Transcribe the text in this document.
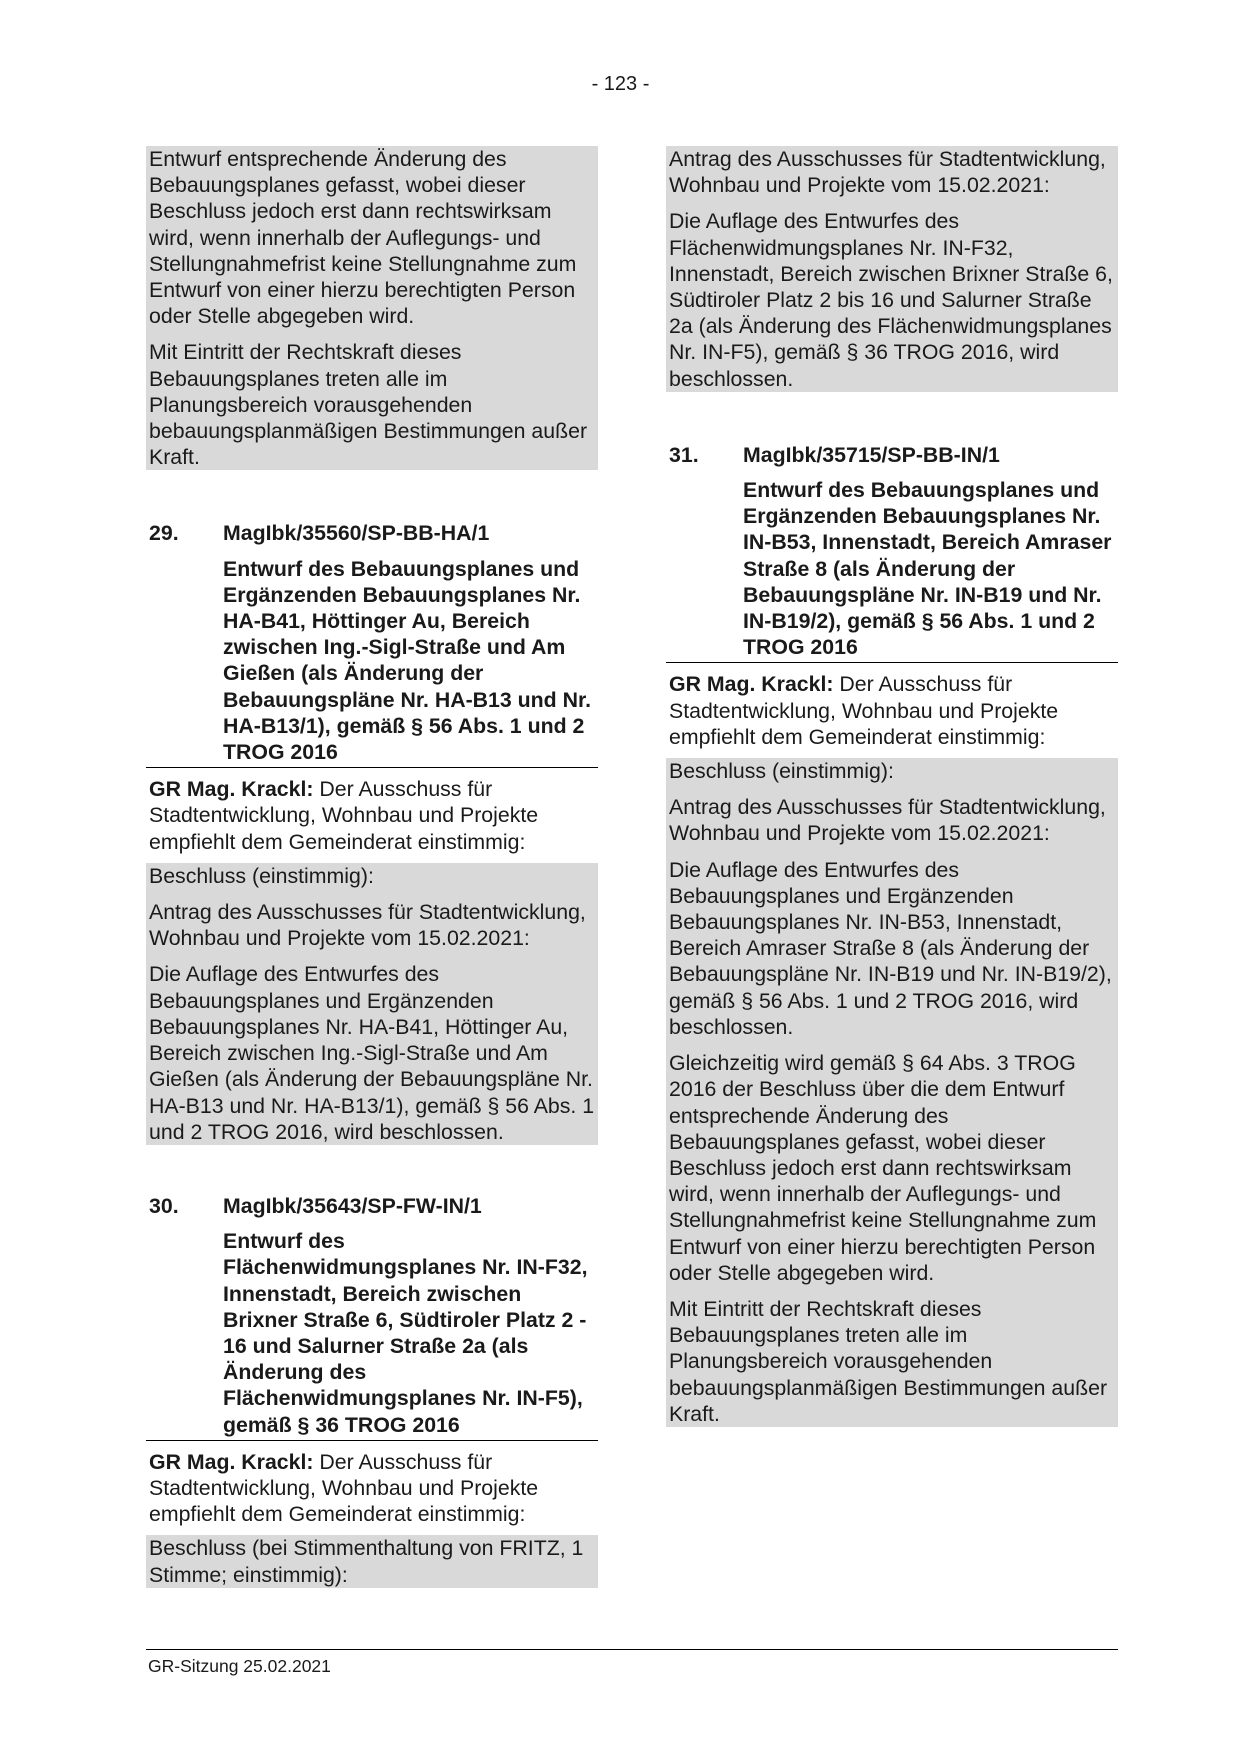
- 123 -

Entwurf entsprechende Änderung des Bebauungsplanes gefasst, wobei dieser Beschluss jedoch erst dann rechtswirksam wird, wenn innerhalb der Auflegungs- und Stellungnahmefrist keine Stellungnahme zum Entwurf von einer hierzu berechtigten Person oder Stelle abgegeben wird.

Mit Eintritt der Rechtskraft dieses Bebauungsplanes treten alle im Planungsbereich vorausgehenden bebauungsplanmäßigen Bestimmungen außer Kraft.

29.	MagIbk/35560/SP-BB-HA/1
Entwurf des Bebauungsplanes und Ergänzenden Bebauungsplanes Nr. HA-B41, Höttinger Au, Bereich zwischen Ing.-Sigl-Straße und Am Gießen (als Änderung der Bebauungspläne Nr. HA-B13 und Nr. HA-B13/1), gemäß § 56 Abs. 1 und 2 TROG 2016
GR Mag. Krackl: Der Ausschuss für Stadtentwicklung, Wohnbau und Projekte empfiehlt dem Gemeinderat einstimmig:

Beschluss (einstimmig):

Antrag des Ausschusses für Stadtentwicklung, Wohnbau und Projekte vom 15.02.2021:

Die Auflage des Entwurfes des Bebauungsplanes und Ergänzenden Bebauungsplanes Nr. HA-B41, Höttinger Au, Bereich zwischen Ing.-Sigl-Straße und Am Gießen (als Änderung der Bebauungspläne Nr. HA-B13 und Nr. HA-B13/1), gemäß § 56 Abs. 1 und 2 TROG 2016, wird beschlossen.

30.	MagIbk/35643/SP-FW-IN/1
Entwurf des Flächenwidmungsplanes Nr. IN-F32, Innenstadt, Bereich zwischen Brixner Straße 6, Südtiroler Platz 2 - 16 und Salurner Straße 2a (als Änderung des Flächenwidmungsplanes Nr. IN-F5), gemäß § 36 TROG 2016
GR Mag. Krackl: Der Ausschuss für Stadtentwicklung, Wohnbau und Projekte empfiehlt dem Gemeinderat einstimmig:

Beschluss (bei Stimmenthaltung von FRITZ, 1 Stimme; einstimmig):

Antrag des Ausschusses für Stadtentwicklung, Wohnbau und Projekte vom 15.02.2021:

Die Auflage des Entwurfes des Flächenwidmungsplanes Nr. IN-F32, Innenstadt, Bereich zwischen Brixner Straße 6, Südtiroler Platz 2 bis 16 und Salurner Straße 2a (als Änderung des Flächenwidmungsplanes Nr. IN-F5), gemäß § 36 TROG 2016, wird beschlossen.

31.	MagIbk/35715/SP-BB-IN/1
Entwurf des Bebauungsplanes und Ergänzenden Bebauungsplanes Nr. IN-B53, Innenstadt, Bereich Amraser Straße 8 (als Änderung der Bebauungspläne Nr. IN-B19 und Nr. IN-B19/2), gemäß § 56 Abs. 1 und 2 TROG 2016
GR Mag. Krackl: Der Ausschuss für Stadtentwicklung, Wohnbau und Projekte empfiehlt dem Gemeinderat einstimmig:

Beschluss (einstimmig):

Antrag des Ausschusses für Stadtentwicklung, Wohnbau und Projekte vom 15.02.2021:

Die Auflage des Entwurfes des Bebauungsplanes und Ergänzenden Bebauungsplanes Nr. IN-B53, Innenstadt, Bereich Amraser Straße 8 (als Änderung der Bebauungspläne Nr. IN-B19 und Nr. IN-B19/2), gemäß § 56 Abs. 1 und 2 TROG 2016, wird beschlossen.

Gleichzeitig wird gemäß § 64 Abs. 3 TROG 2016 der Beschluss über die dem Entwurf entsprechende Änderung des Bebauungsplanes gefasst, wobei dieser Beschluss jedoch erst dann rechtswirksam wird, wenn innerhalb der Auflegungs- und Stellungnahmefrist keine Stellungnahme zum Entwurf von einer hierzu berechtigten Person oder Stelle abgegeben wird.

Mit Eintritt der Rechtskraft dieses Bebauungsplanes treten alle im Planungsbereich vorausgehenden bebauungsplanmäßigen Bestimmungen außer Kraft.

GR-Sitzung 25.02.2021
